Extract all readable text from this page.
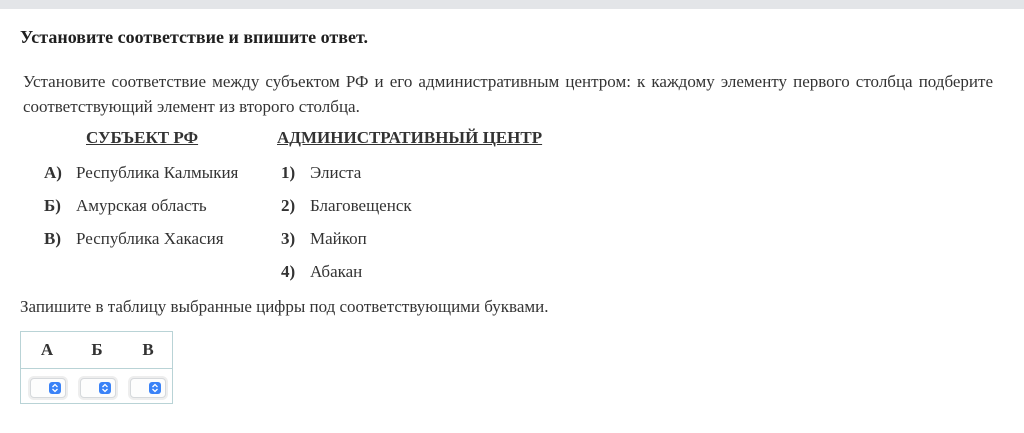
Установите соответствие и впишите ответ.
Установите соответствие между субъектом РФ и его административным центром: к каждому элементу первого столбца подберите соответствующий элемент из второго столбца.
СУБЪЕКТ РФ	АДМИНИСТРАТИВНЫЙ ЦЕНТР
А) Республика Калмыкия
Б) Амурская область
В) Республика Хакасия
1) Элиста
2) Благовещенск
3) Майкоп
4) Абакан
Запишите в таблицу выбранные цифры под соответствующими буквами.
А	Б	В
